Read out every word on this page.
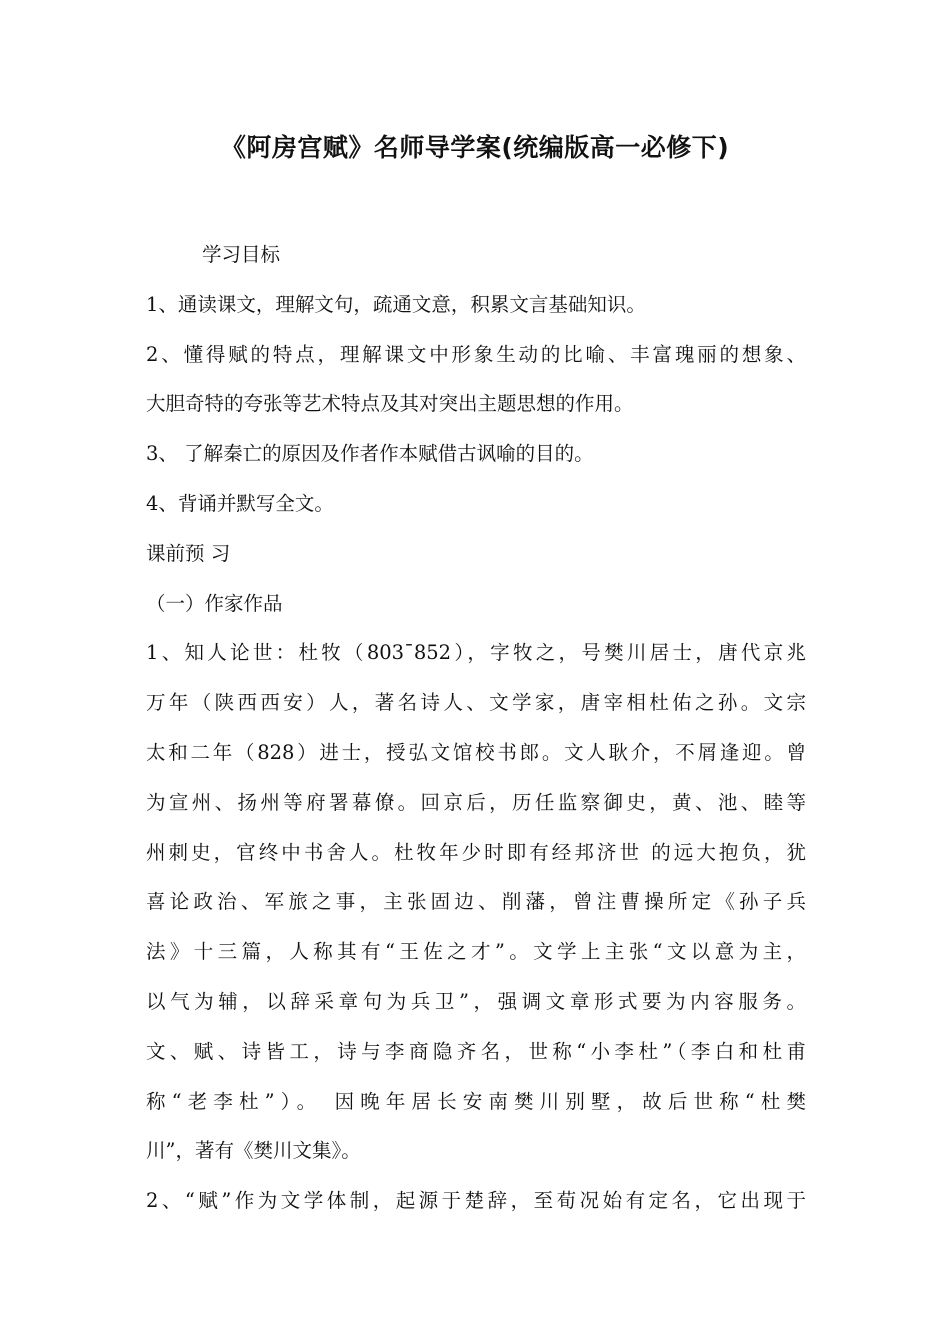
《阿房宫赋》名师导学案(统编版高一必修下)
学习目标
1、通读课文，理解文句，疏通文意，积累文言基础知识。
2、懂得赋的特点，理解课文中形象生动的比喻、丰富瑰丽的想象、
大胆奇特的夸张等艺术特点及其对突出主题思想的作用。
3、 了解秦亡的原因及作者作本赋借古讽喻的目的。
4、背诵并默写全文。
课前预 习
（一）作家作品
1、知人论世：杜牧（803¯852），字牧之，号樊川居士，唐代京兆
万年（陕西西安）人，著名诗人、文学家，唐宰相杜佑之孙。文宗
太和二年（828）进士，授弘文馆校书郎。文人耿介，不屑逢迎。曾
为宣州、扬州等府署幕僚。回京后，历任监察御史，黄、池、睦等
州刺史，官终中书舍人。杜牧年少时即有经邦济世 的远大抱负，犹
喜论政治、军旅之事，主张固边、削藩，曾注曹操所定《孙子兵
法》十三篇，人称其有“王佐之才”。文学上主张“文以意为主，
以气为辅，以辞采章句为兵卫”，强调文章形式要为内容服务。
文、赋、诗皆工，诗与李商隐齐名，世称“小李杜”（李白和杜甫
称“老李杜”）。 因晚年居长安南樊川别墅，故后世称“杜樊
川”，著有《樊川文集》。
2、“赋”作为文学体制，起源于楚辞，至荀况始有定名，它出现于
